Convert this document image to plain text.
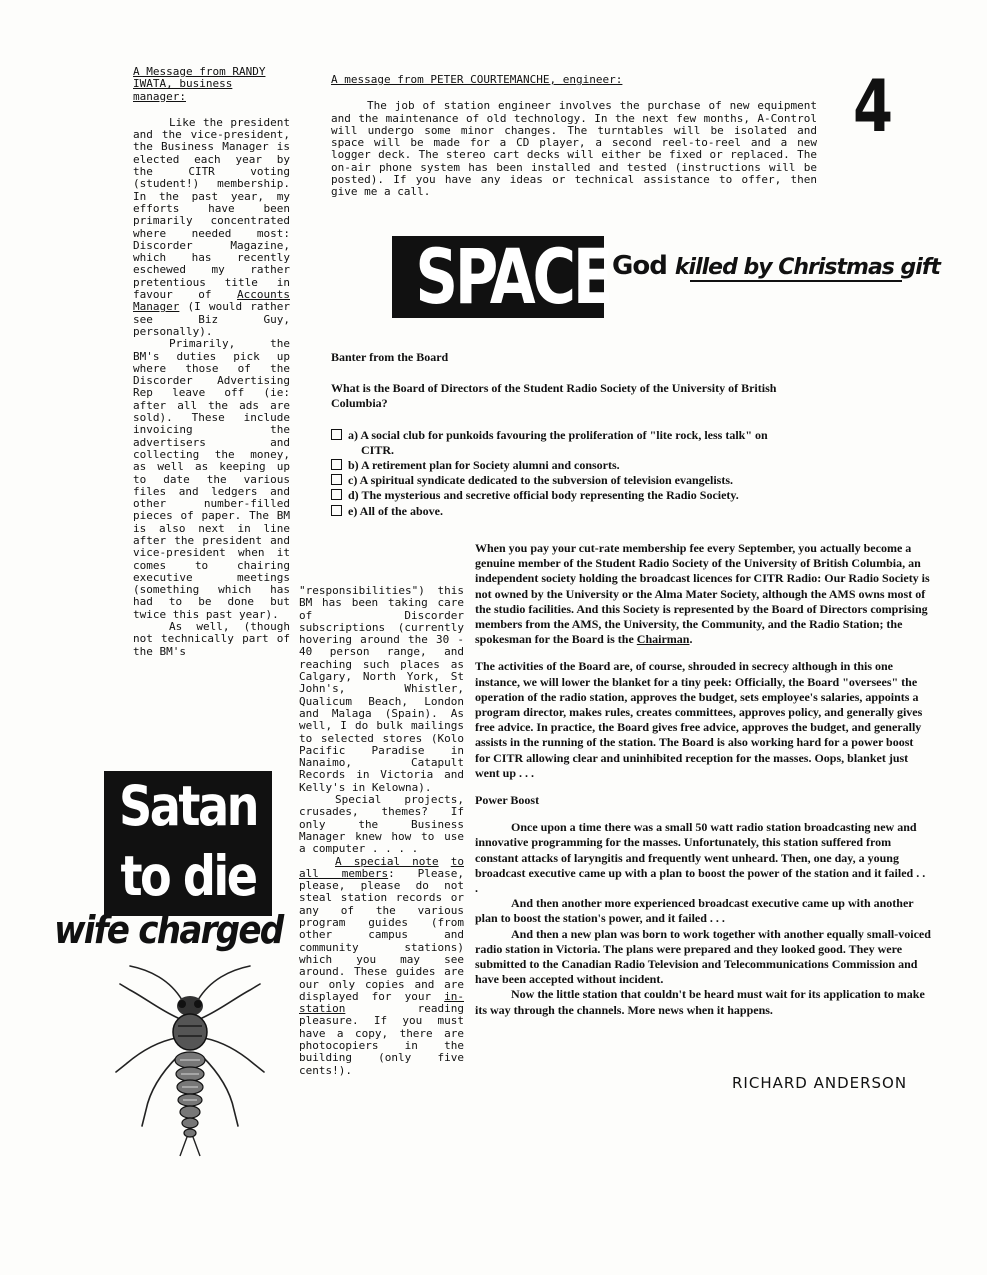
4
A Message from RANDY
IWATA, business
manager:

Like the president and the vice-president, the Business Manager is elected each year by the CITR voting (student!) membership. In the past year, my efforts have been primarily concentrated where needed most: Discorder Magazine, which has recently eschewed my rather pretentious title in favour of Accounts Manager (I would rather see Biz Guy, personally).

Primarily, the BM's duties pick up where those of the Discorder Advertising Rep leave off (ie: after all the ads are sold). These include invoicing the advertisers and collecting the money, as well as keeping up to date the various files and ledgers and other number-filled pieces of paper. The BM is also next in line after the president and vice-president when it comes to chairing executive meetings (something which has had to be done but twice this past year).

As well, (though not technically part of the BM's

"responsibilities") this BM has been taking care of Discorder subscriptions (currently hovering around the 30 - 40 person range, and reaching such places as Calgary, North York, St John's, Whistler, Qualicum Beach, London and Malaga (Spain). As well, I do bulk mailings to selected stores (Kolo Pacific Paradise in Nanaimo, Catapult Records in Victoria and Kelly's in Kelowna).

Special projects, crusades, themes? If only the Business Manager knew how to use a computer . . . .

A special note to all members: Please, please, please do not steal station records or any of the various program guides (from other campus and community stations) which you may see around. These guides are our only copies and are displayed for your in-station reading pleasure. If you must have a copy, there are photocopiers in the building (only five cents!).

A message from PETER COURTEMANCHE, engineer:

The job of station engineer involves the purchase of new equipment and the maintenance of old technology. In the next few months, A-Control will undergo some minor changes. The turntables will be isolated and space will be made for a CD player, a second reel-to-reel and a new logger deck. The stereo cart decks will either be fixed or replaced. The on-air phone system has been installed and tested (instructions will be posted). If you have any ideas or technical assistance to offer, then give me a call.

SPACE God killed by Christmas gift
Banter from the Board
What is the Board of Directors of the Student Radio Society of the University of British Columbia?
a) A social club for punkoids favouring the proliferation of "lite rock, less talk" on CITR.
b) A retirement plan for Society alumni and consorts.
c) A spiritual syndicate dedicated to the subversion of television evangelists.
d) The mysterious and secretive official body representing the Radio Society.
e) All of the above.

When you pay your cut-rate membership fee every September, you actually become a genuine member of the Student Radio Society of the University of British Columbia, an independent society holding the broadcast licences for CITR Radio: Our Radio Society is not owned by the University or the Alma Mater Society, although the AMS owns most of the studio facilities. And this Society is represented by the Board of Directors comprising members from the AMS, the University, the Community, and the Radio Station; the spokesman for the Board is the Chairman.

The activities of the Board are, of course, shrouded in secrecy although in this one instance, we will lower the blanket for a tiny peek: Officially, the Board "oversees" the operation of the radio station, approves the budget, sets employee's salaries, appoints a program director, makes rules, creates committees, approves policy, and generally gives free advice. In practice, the Board gives free advice, approves the budget, and generally assists in the running of the station. The Board is also working hard for a power boost for CITR allowing clear and uninhibited reception for the masses. Oops, blanket just went up . . .

Power Boost

Once upon a time there was a small 50 watt radio station broadcasting new and innovative programming for the masses. Unfortunately, this station suffered from constant attacks of laryngitis and frequently went unheard. Then, one day, a young broadcast executive came up with a plan to boost the power of the station and it failed . . .

And then another more experienced broadcast executive came up with another plan to boost the station's power, and it failed . . .

And then a new plan was born to work together with another equally small-voiced radio station in Victoria. The plans were prepared and they looked good. They were submitted to the Canadian Radio Television and Telecommunications Commission and have been accepted without incident.

Now the little station that couldn't be heard must wait for its application to make its way through the channels. More news when it happens.

RICHARD ANDERSON
Satan
to die
wife charged
